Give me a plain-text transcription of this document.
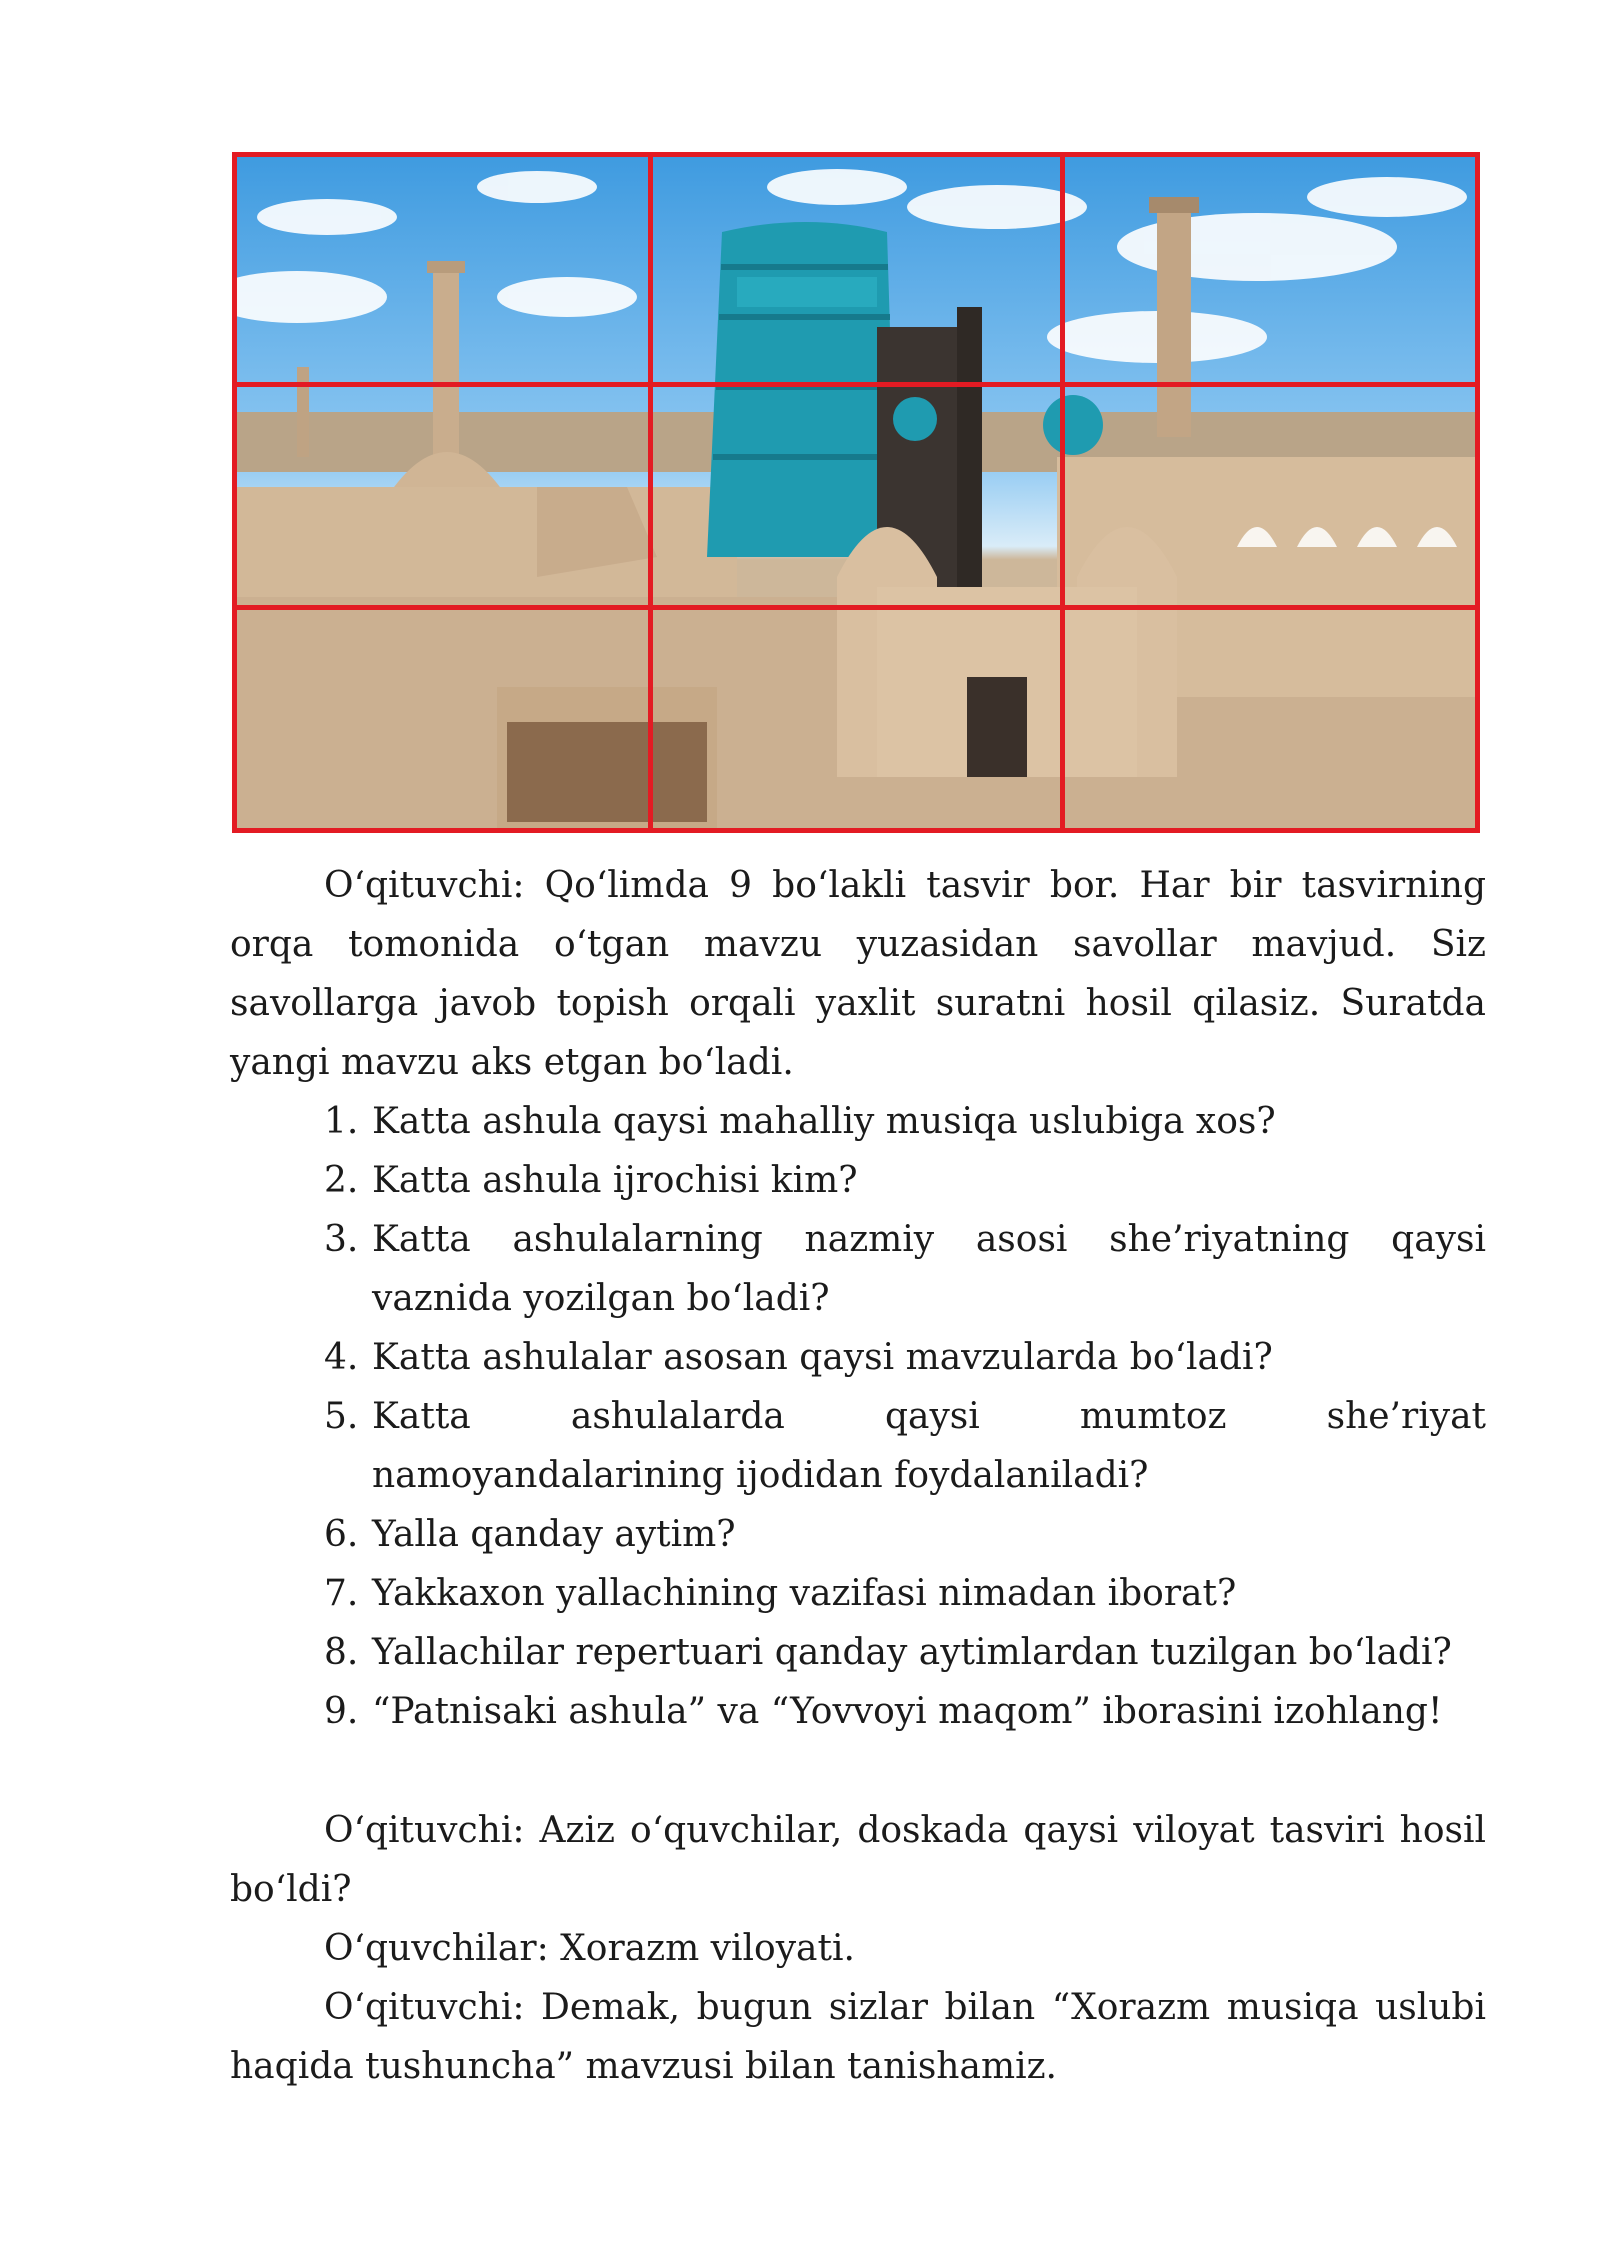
O‘qituvchi: Qo‘limda 9 bo‘lakli tasvir bor. Har bir tasvirning orqa tomonida o‘tgan mavzu yuzasidan savollar mavjud. Siz savollarga javob topish orqali yaxlit suratni hosil qilasiz. Suratda yangi mavzu aks etgan bo‘ladi.

1. Katta ashula qaysi mahalliy musiqa uslubiga xos?
2. Katta ashula ijrochisi kim?
3. Katta ashulalarning nazmiy asosi she’riyatning qaysi vaznida yozilgan bo‘ladi?
4. Katta ashulalar asosan qaysi mavzularda bo‘ladi?
5. Katta ashulalarda qaysi mumtoz she’riyat
namoyandalarining ijodidan foydalaniladi?
6. Yalla qanday aytim?
7. Yakkaxon yallachining vazifasi nimadan iborat?
8. Yallachilar repertuari qanday aytimlardan tuzilgan bo‘ladi?
9. “Patnisaki ashula” va “Yovvoyi maqom” iborasini izohlang!

O‘qituvchi: Aziz o‘quvchilar, doskada qaysi viloyat tasviri hosil bo‘ldi?

O‘quvchilar: Xorazm viloyati.

O‘qituvchi: Demak, bugun sizlar bilan “Xorazm musiqa uslubi haqida tushuncha” mavzusi bilan tanishamiz.
